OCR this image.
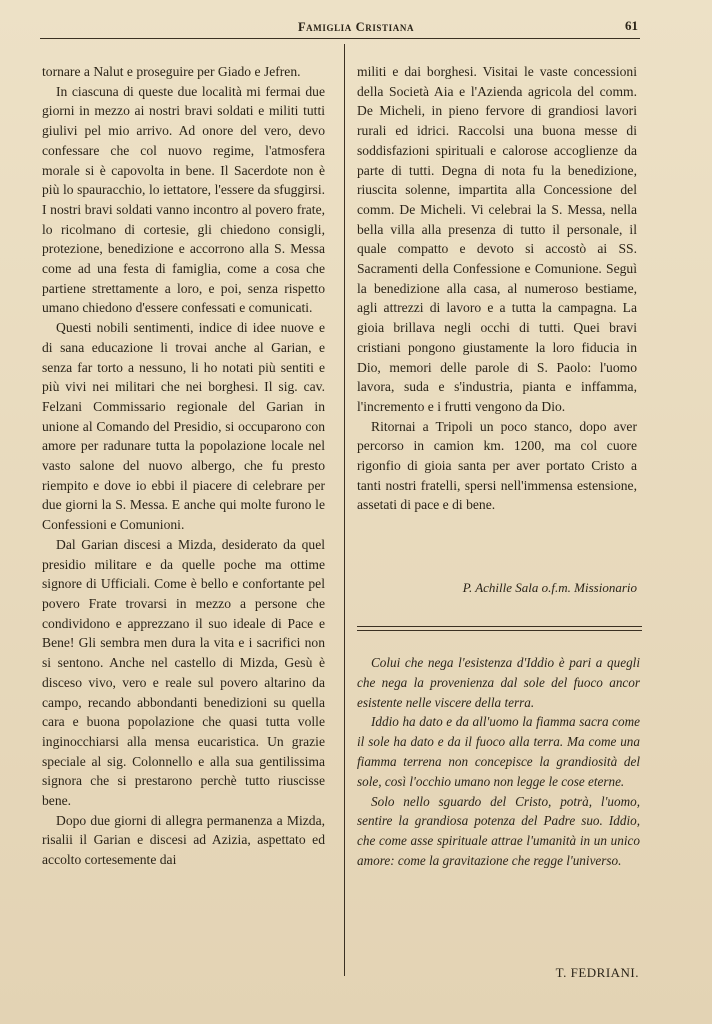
Famiglia Cristiana	61

tornare a Nalut e proseguire per Giado e Jefren.

In ciascuna di queste due località mi fermai due giorni in mezzo ai nostri bravi soldati e militi tutti giulivi pel mio arrivo. Ad onore del vero, devo confessare che col nuovo regime, l'atmosfera morale si è capovolta in bene. Il Sacerdote non è più lo spauracchio, lo iettatore, l'essere da sfuggirsi. I nostri bravi soldati vanno incontro al povero frate, lo ricolmano di cortesie, gli chiedono consigli, protezione, benedizione e accorrono alla S. Messa come ad una festa di famiglia, come a cosa che partiene strettamente a loro, e poi, senza rispetto umano chiedono d'essere confessati e comunicati.

Questi nobili sentimenti, indice di idee nuove e di sana educazione li trovai anche al Garian, e senza far torto a nessuno, li ho notati più sentiti e più vivi nei militari che nei borghesi. Il sig. cav. Felzani Commissario regionale del Garian in unione al Comando del Presidio, si occuparono con amore per radunare tutta la popolazione locale nel vasto salone del nuovo albergo, che fu presto riempito e dove io ebbi il piacere di celebrare per due giorni la S. Messa. E anche qui molte furono le Confessioni e Comunioni.

Dal Garian discesi a Mizda, desiderato da quel presidio militare e da quelle poche ma ottime signore di Ufficiali. Come è bello e confortante pel povero Frate trovarsi in mezzo a persone che condividono e apprezzano il suo ideale di Pace e Bene! Gli sembra men dura la vita e i sacrifici non si sentono. Anche nel castello di Mizda, Gesù è disceso vivo, vero e reale sul povero altarino da campo, recando abbondanti benedizioni su quella cara e buona popolazione che quasi tutta volle inginocchiarsi alla mensa eucaristica. Un grazie speciale al sig. Colonnello e alla sua gentilissima signora che si prestarono perchè tutto riuscisse bene.

Dopo due giorni di allegra permanenza a Mizda, risalii il Garian e discesi ad Azizia, aspettato ed accolto cortesemente dai

militi e dai borghesi. Visitai le vaste concessioni della Società Aia e l'Azienda agricola del comm. De Micheli, in pieno fervore di grandiosi lavori rurali ed idrici. Raccolsi una buona messe di soddisfazioni spirituali e calorose accoglienze da parte di tutti. Degna di nota fu la benedizione, riuscita solenne, impartita alla Concessione del comm. De Micheli. Vi celebrai la S. Messa, nella bella villa alla presenza di tutto il personale, il quale compatto e devoto si accostò ai SS. Sacramenti della Confessione e Comunione. Seguì la benedizione alla casa, al numeroso bestiame, agli attrezzi di lavoro e a tutta la campagna. La gioia brillava negli occhi di tutti. Quei bravi cristiani pongono giustamente la loro fiducia in Dio, memori delle parole di S. Paolo: l'uomo lavora, suda e s'industria, pianta e inffamma, l'incremento e i frutti vengono da Dio.

Ritornai a Tripoli un poco stanco, dopo aver percorso in camion km. 1200, ma col cuore rigonfio di gioia santa per aver portato Cristo a tanti nostri fratelli, spersi nell'immensa estensione, assetati di pace e di bene.

P. Achille Sala o.f.m. Missionario

Colui che nega l'esistenza d'Iddio è pari a quegli che nega la provenienza dal sole del fuoco ancor esistente nelle viscere della terra.

Iddio ha dato e da all'uomo la fiamma sacra come il sole ha dato e da il fuoco alla terra. Ma come una fiamma terrena non concepisce la grandiosità del sole, così l'occhio umano non legge le cose eterne.

Solo nello sguardo del Cristo, potrà, l'uomo, sentire la grandiosa potenza del Padre suo. Iddio, che come asse spirituale attrae l'umanità in un unico amore: come la gravitazione che regge l'universo.

T. FEDRIANI.
